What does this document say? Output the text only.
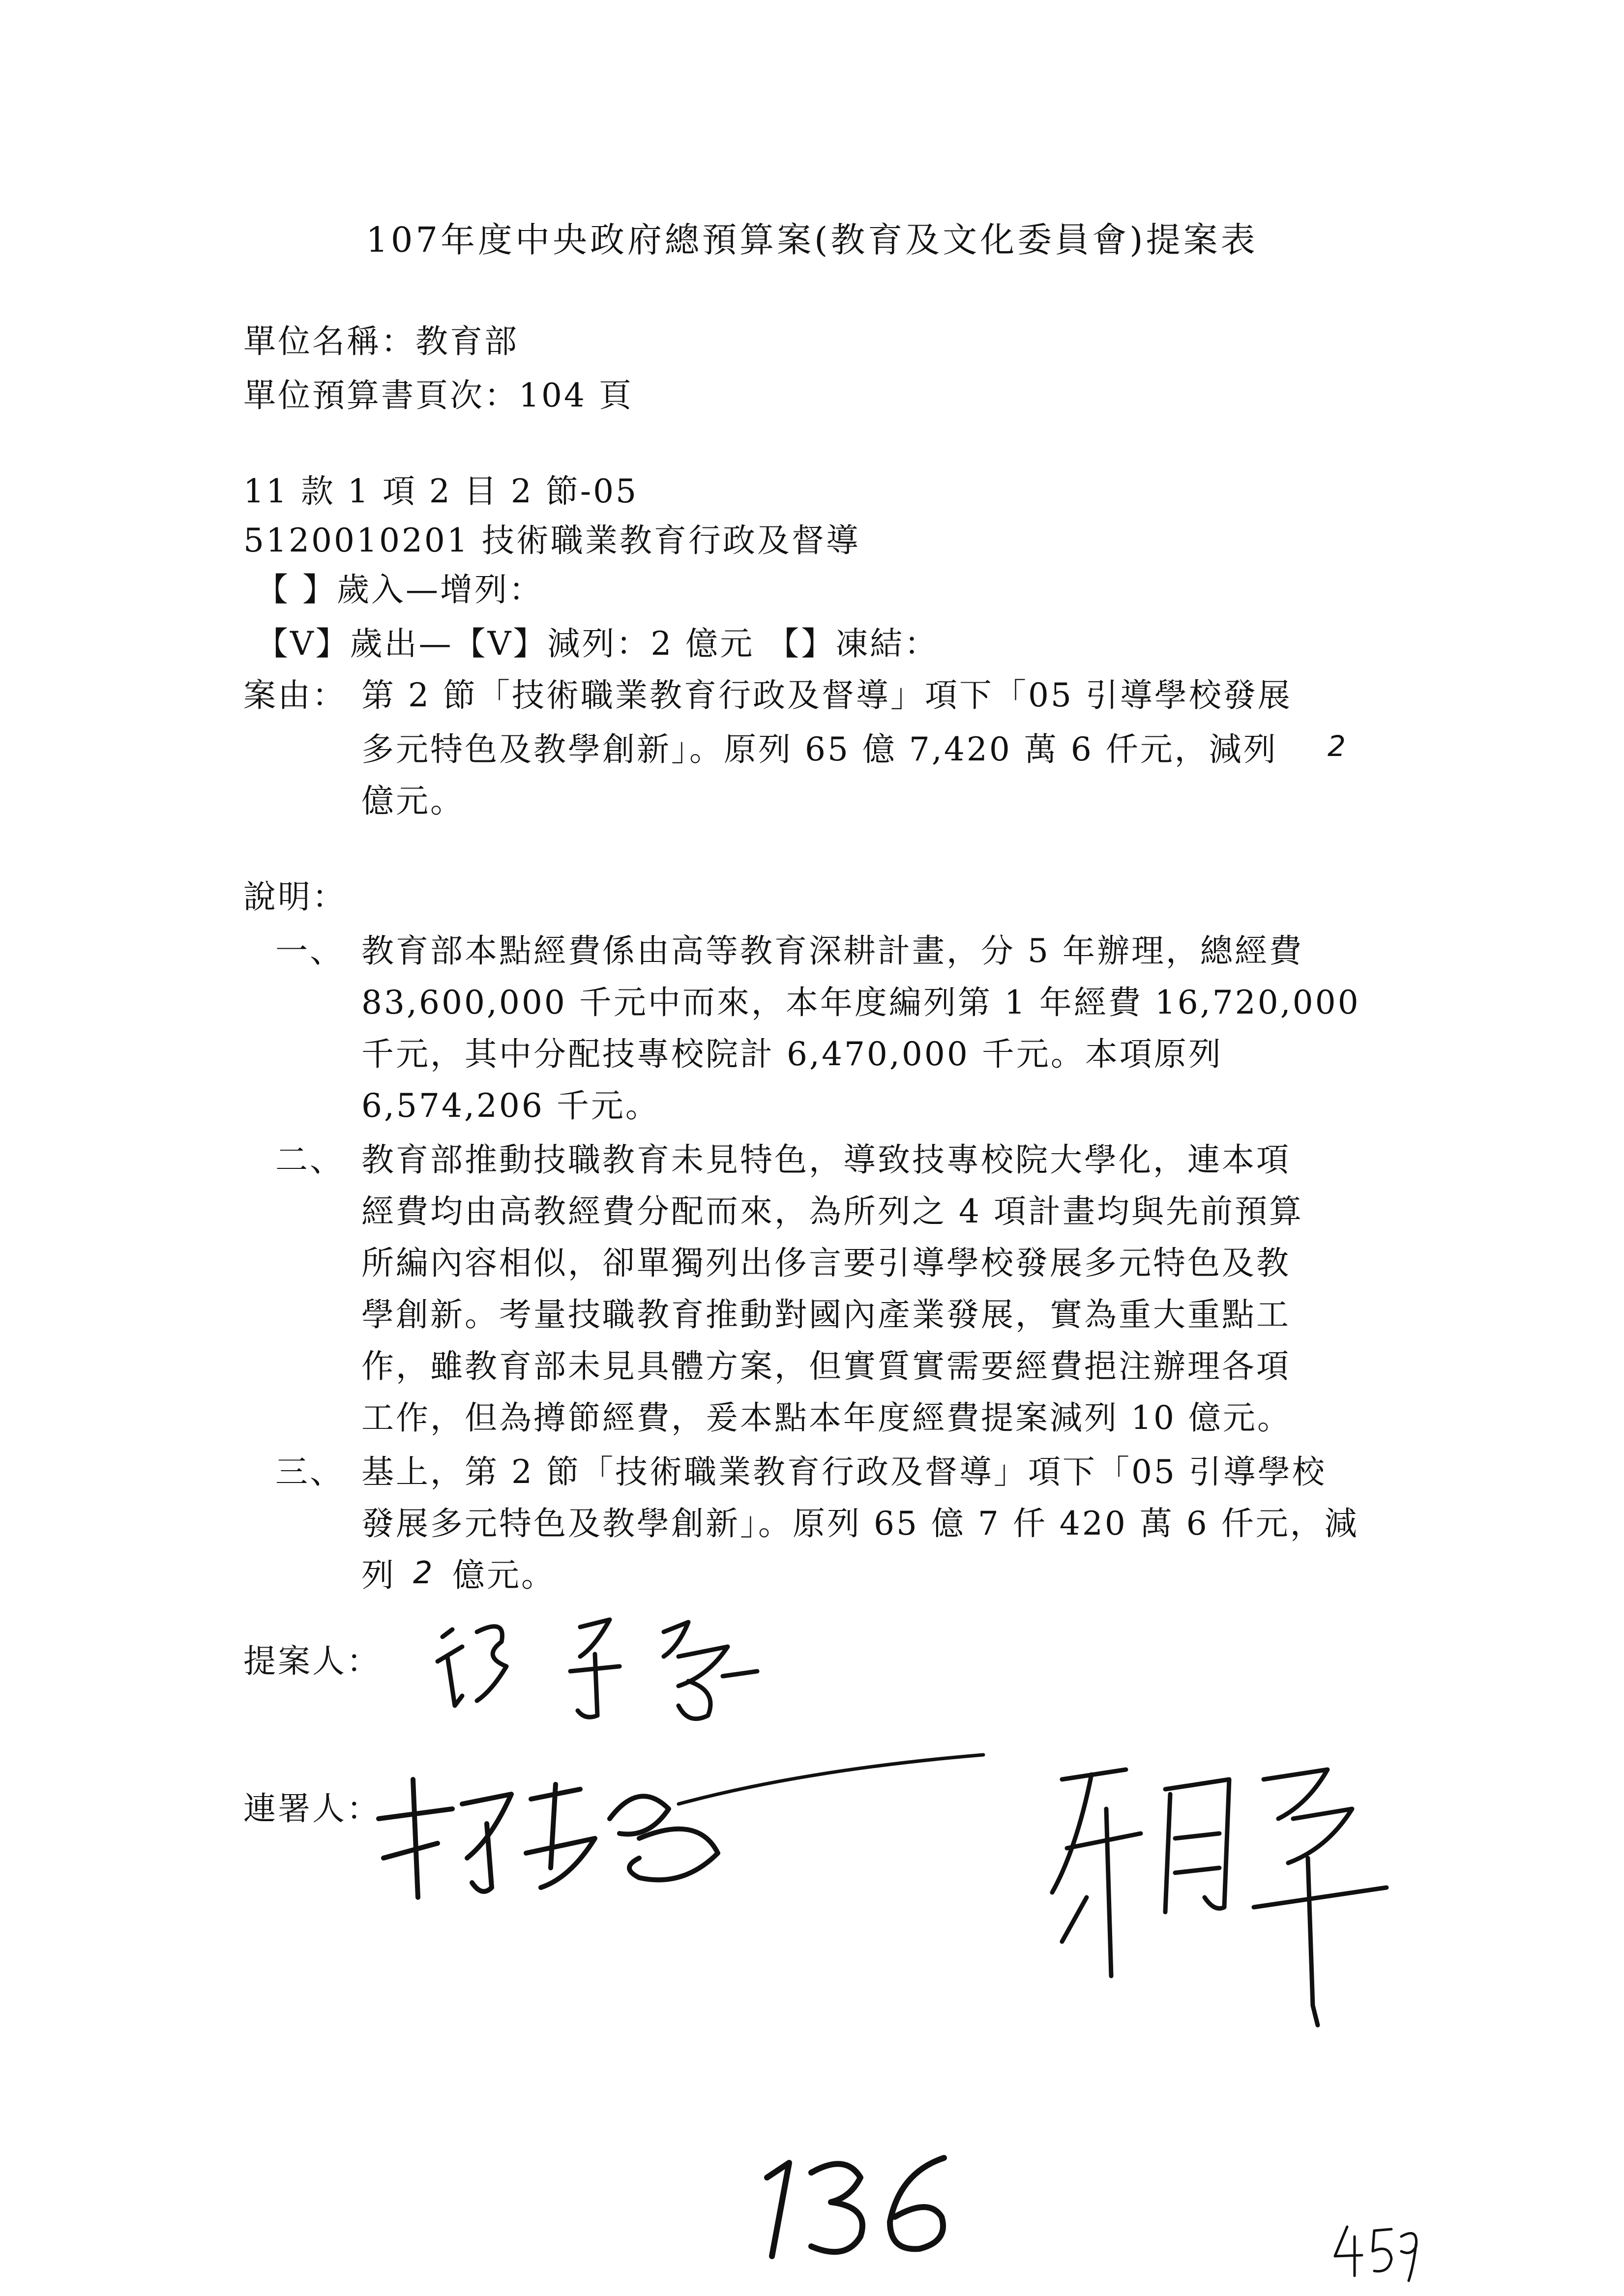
107年度中央政府總預算案(教育及文化委員會)提案表
單位名稱：教育部
單位預算書頁次：104 頁
11 款 1 項 2 目 2 節-05
5120010201 技術職業教育行政及督導
【 】歲入—增列：
【V】歲出—【V】減列：2 億元 【】凍結：
案由： 第 2 節「技術職業教育行政及督導」項下「05 引導學校發展
多元特色及教學創新」。原列 65 億 7,420 萬 6 仟元，減列 2
億元。
說明：
一、 教育部本點經費係由高等教育深耕計畫，分 5 年辦理，總經費
83,600,000 千元中而來，本年度編列第 1 年經費 16,720,000
千元，其中分配技專校院計 6,470,000 千元。本項原列
6,574,206 千元。
二、 教育部推動技職教育未見特色，導致技專校院大學化，連本項
經費均由高教經費分配而來，為所列之 4 項計畫均與先前預算
所編內容相似，卻單獨列出侈言要引導學校發展多元特色及教
學創新。考量技職教育推動對國內產業發展，實為重大重點工
作，雖教育部未見具體方案，但實質實需要經費挹注辦理各項
工作，但為撙節經費，爰本點本年度經費提案減列 10 億元。
三、 基上，第 2 節「技術職業教育行政及督導」項下「05 引導學校
發展多元特色及教學創新」。原列 65 億 7 仟 420 萬 6 仟元，減
列 2 億元。
提案人：
連署人：
136
459
